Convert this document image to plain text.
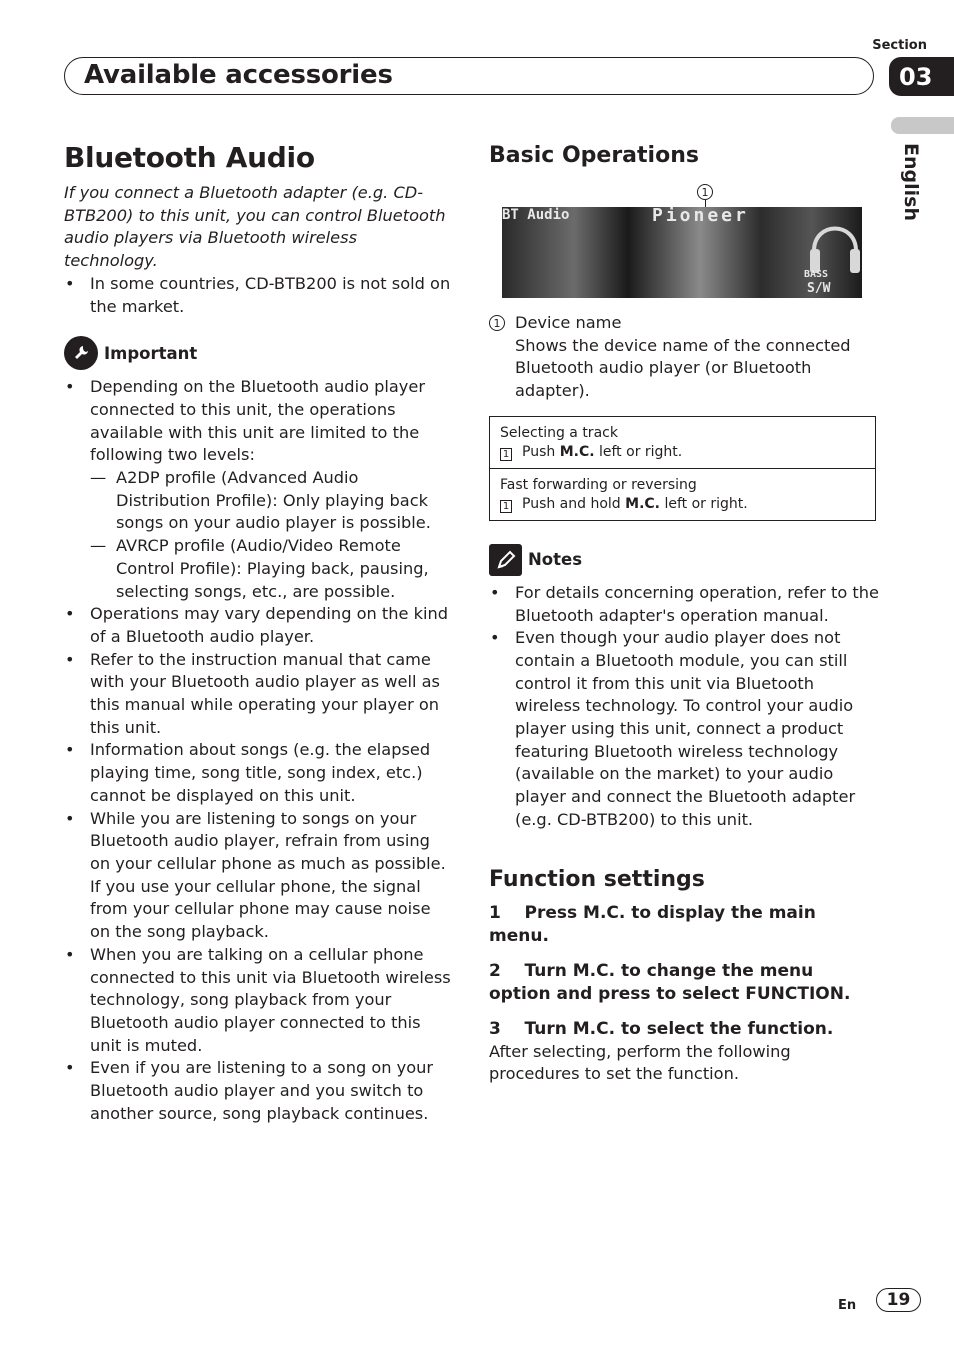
Section
Available accessories	03
English
Bluetooth Audio

If you connect a Bluetooth adapter (e.g. CD-BTB200) to this unit, you can control Bluetooth audio players via Bluetooth wireless technology.

• In some countries, CD-BTB200 is not sold on the market.
Important
• Depending on the Bluetooth audio player connected to this unit, the operations available with this unit are limited to the following two levels:
— A2DP profile (Advanced Audio Distribution Profile): Only playing back songs on your audio player is possible.
— AVRCP profile (Audio/Video Remote Control Profile): Playing back, pausing, selecting songs, etc., are possible.
• Operations may vary depending on the kind of a Bluetooth audio player.
• Refer to the instruction manual that came with your Bluetooth audio player as well as this manual while operating your player on this unit.
• Information about songs (e.g. the elapsed playing time, song title, song index, etc.) cannot be displayed on this unit.
• While you are listening to songs on your Bluetooth audio player, refrain from using on your cellular phone as much as possible. If you use your cellular phone, the signal from your cellular phone may cause noise on the song playback.
• When you are talking on a cellular phone connected to this unit via Bluetooth wireless technology, song playback from your Bluetooth audio player connected to this unit is muted.
• Even if you are listening to a song on your Bluetooth audio player and you switch to another source, song playback continues.
Basic Operations
1
BT Audio	Pioneer
BASS
S/W
1 Device name

Shows the device name of the connected Bluetooth audio player (or Bluetooth adapter).

Selecting a track
1 Push M.C. left or right.

Fast forwarding or reversing
1 Push and hold M.C. left or right.
Notes
• For details concerning operation, refer to the Bluetooth adapter's operation manual.
• Even though your audio player does not contain a Bluetooth module, you can still control it from this unit via Bluetooth wireless technology. To control your audio player using this unit, connect a product featuring Bluetooth wireless technology (available on the market) to your audio player and connect the Bluetooth adapter (e.g. CD-BTB200) to this unit.
Function settings
1    Press M.C. to display the main menu.
2    Turn M.C. to change the menu option and press to select FUNCTION.
3    Turn M.C. to select the function.

After selecting, perform the following procedures to set the function.

En	19
